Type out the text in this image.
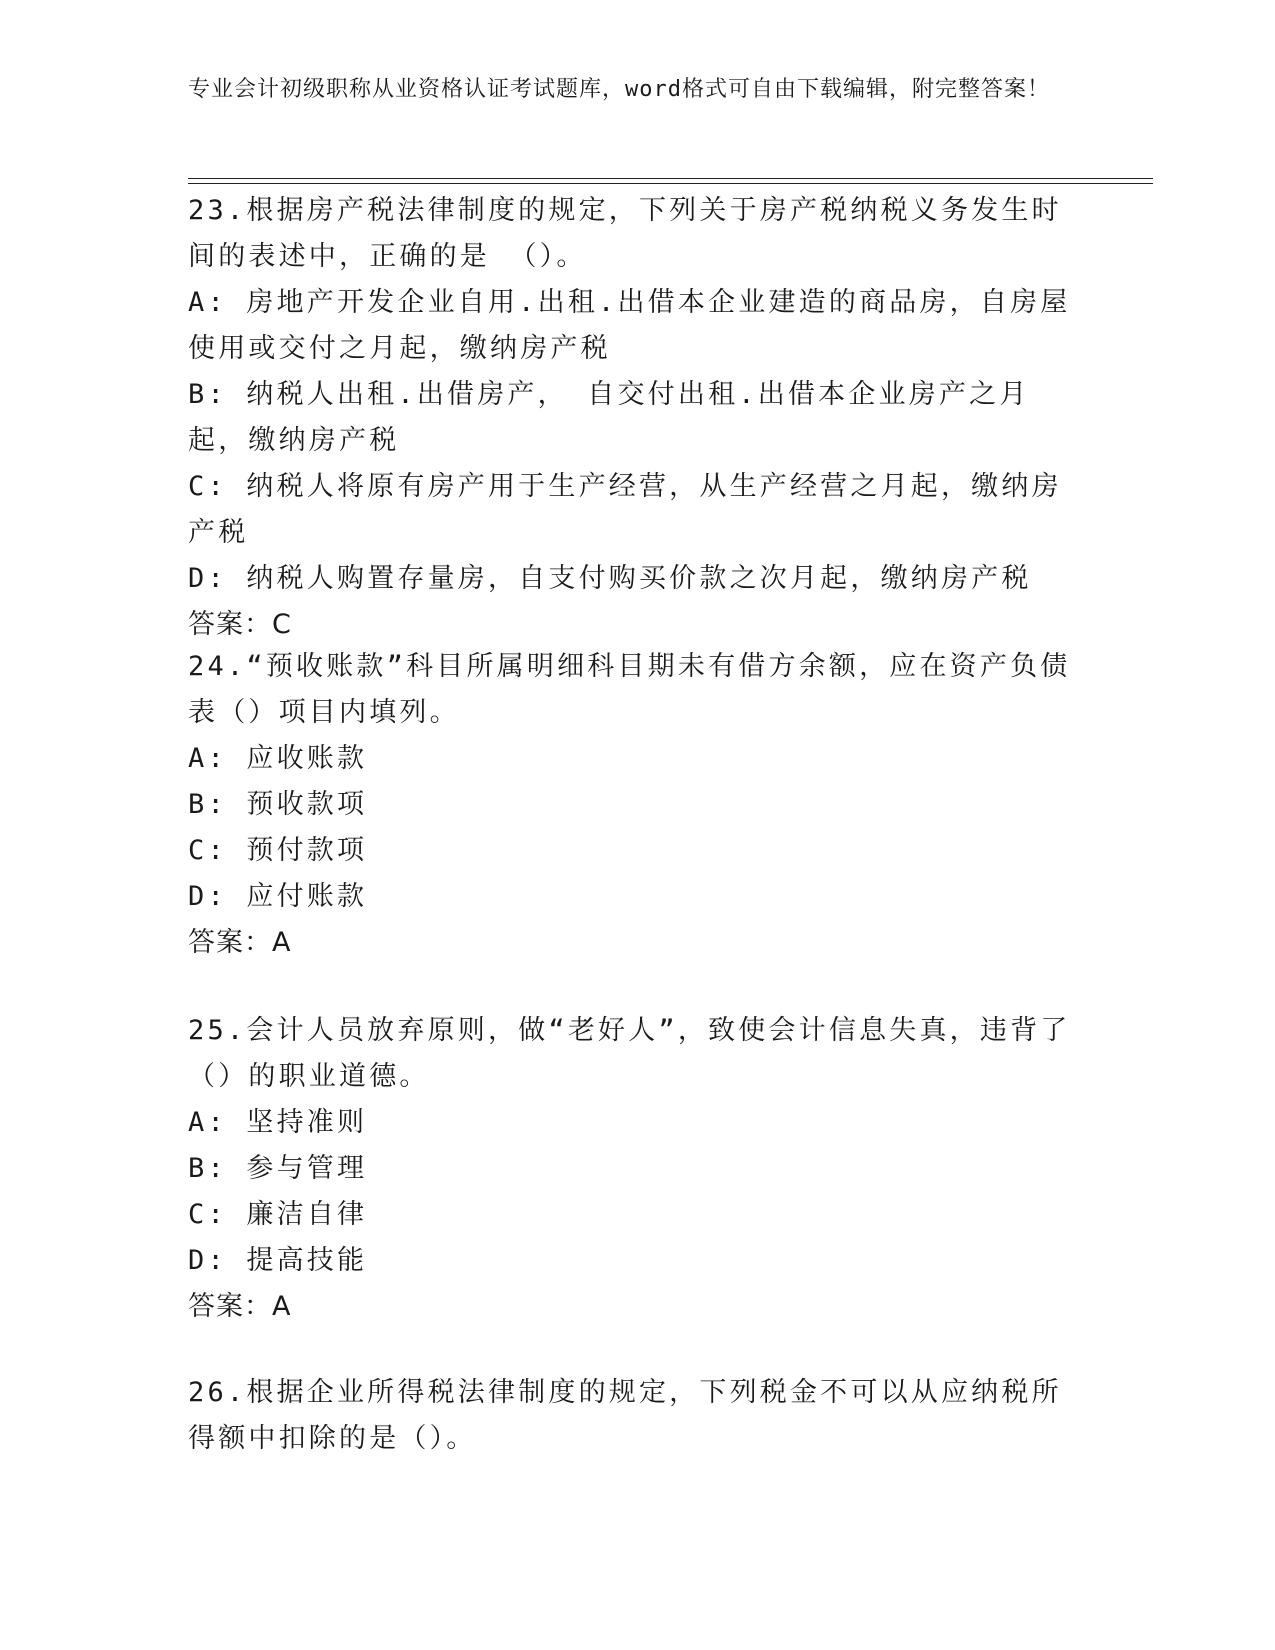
专业会计初级职称从业资格认证考试题库，word格式可自由下载编辑，附完整答案！

23.根据房产税法律制度的规定，下列关于房产税纳税义务发生时间的表述中，正确的是 （）。

A: 房地产开发企业自用.出租.出借本企业建造的商品房，自房屋使用或交付之月起，缴纳房产税

B: 纳税人出租.出借房产， 自交付出租.出借本企业房产之月起，缴纳房产税

C: 纳税人将原有房产用于生产经营，从生产经营之月起，缴纳房产税

D: 纳税人购置存量房，自支付购买价款之次月起，缴纳房产税

答案：C

24.“预收账款”科目所属明细科目期未有借方余额，应在资产负债表（）项目内填列。

A: 应收账款

B: 预收款项

C: 预付款项

D: 应付账款

答案：A

25.会计人员放弃原则，做“老好人”，致使会计信息失真，违背了（）的职业道德。

A: 坚持准则

B: 参与管理

C: 廉洁自律

D: 提高技能

答案：A

26.根据企业所得税法律制度的规定，下列税金不可以从应纳税所得额中扣除的是（）。
